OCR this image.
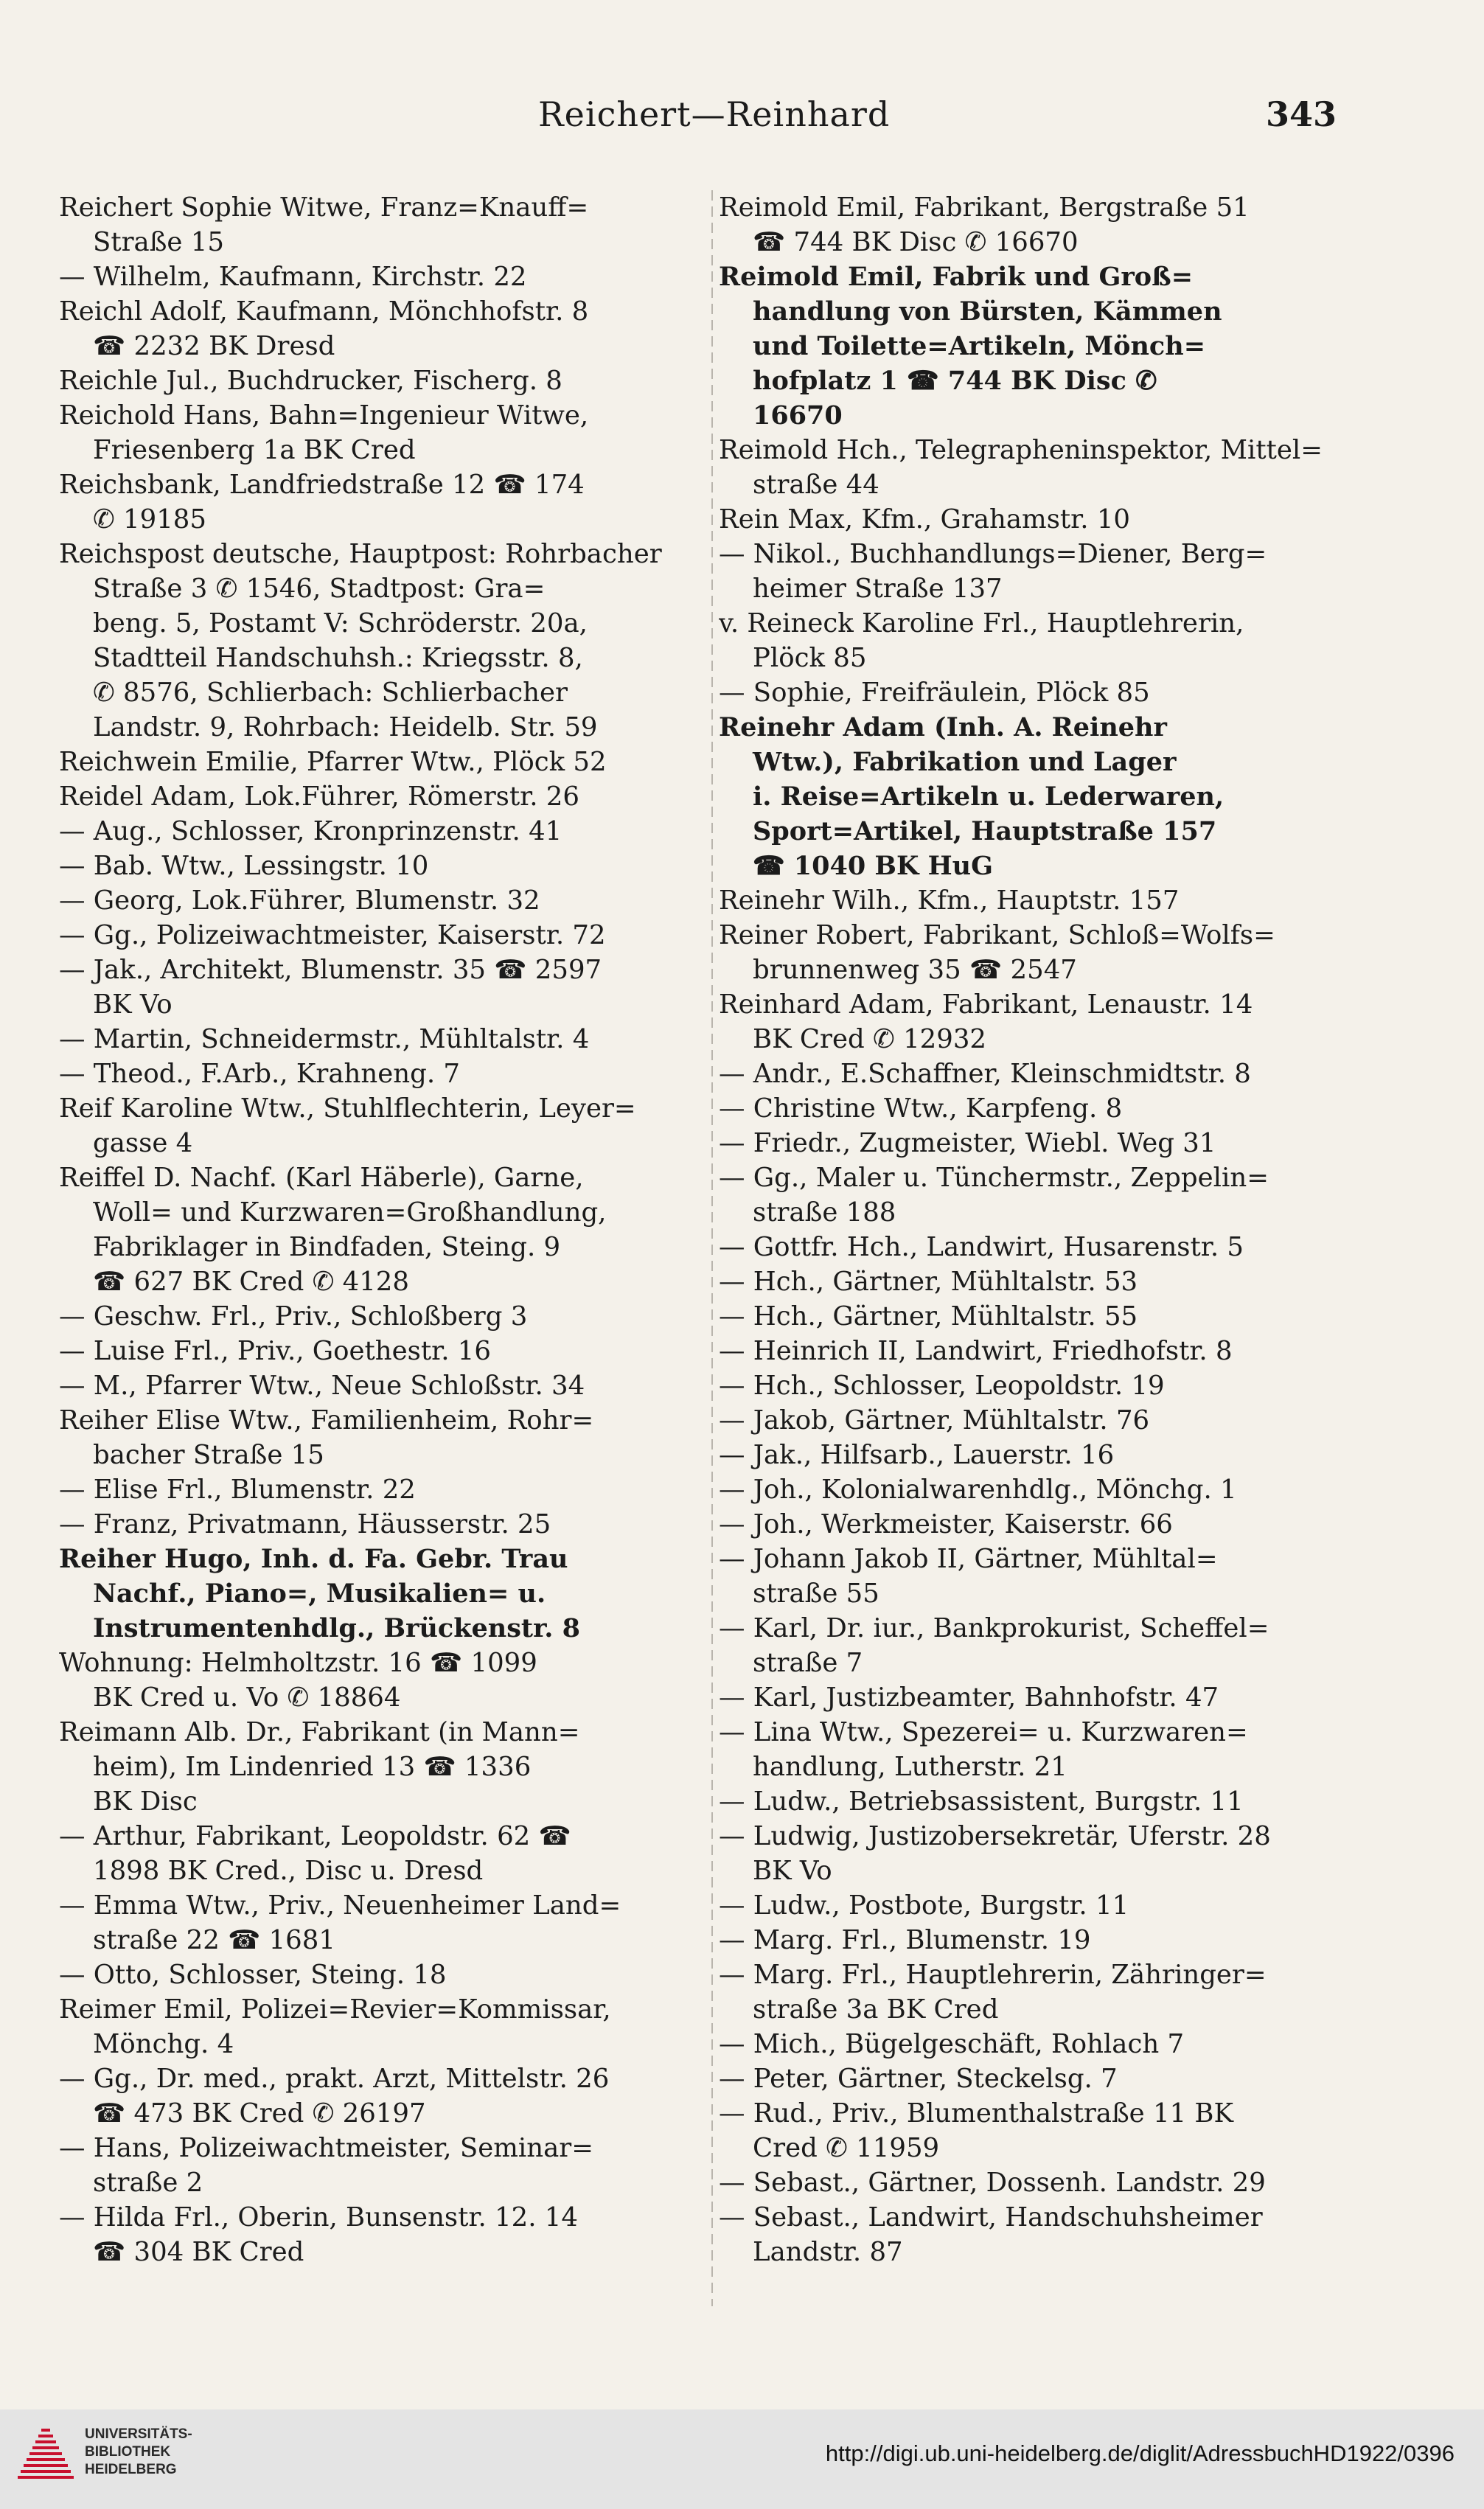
Reichert—Reinhard	343
Reichert Sophie Witwe, Franz=Knauff=
Straße 15
— Wilhelm, Kaufmann, Kirchstr. 22
Reichl Adolf, Kaufmann, Mönchhofstr. 8
☎ 2232 BK Dresd
Reichle Jul., Buchdrucker, Fischerg. 8
Reichold Hans, Bahn=Ingenieur Witwe,
Friesenberg 1a BK Cred
Reichsbank, Landfriedstraße 12 ☎ 174
✆ 19185
Reichspost deutsche, Hauptpost: Rohrbacher
Straße 3 ✆ 1546, Stadtpost: Gra=
beng. 5, Postamt V: Schröderstr. 20a,
Stadtteil Handschuhsh.: Kriegsstr. 8,
✆ 8576, Schlierbach: Schlierbacher
Landstr. 9, Rohrbach: Heidelb. Str. 59
Reichwein Emilie, Pfarrer Wtw., Plöck 52
Reidel Adam, Lok.Führer, Römerstr. 26
— Aug., Schlosser, Kronprinzenstr. 41
— Bab. Wtw., Lessingstr. 10
— Georg, Lok.Führer, Blumenstr. 32
— Gg., Polizeiwachtmeister, Kaiserstr. 72
— Jak., Architekt, Blumenstr. 35 ☎ 2597
BK Vo
— Martin, Schneidermstr., Mühltalstr. 4
— Theod., F.Arb., Krahneng. 7
Reif Karoline Wtw., Stuhlflechterin, Leyer=
gasse 4
Reiffel D. Nachf. (Karl Häberle), Garne,
Woll= und Kurzwaren=Großhandlung,
Fabriklager in Bindfaden, Steing. 9
☎ 627 BK Cred ✆ 4128
— Geschw. Frl., Priv., Schloßberg 3
— Luise Frl., Priv., Goethestr. 16
— M., Pfarrer Wtw., Neue Schloßstr. 34
Reiher Elise Wtw., Familienheim, Rohr=
bacher Straße 15
— Elise Frl., Blumenstr. 22
— Franz, Privatmann, Häusserstr. 25
Reiher Hugo, Inh. d. Fa. Gebr. Trau
Nachf., Piano=, Musikalien= u.
Instrumentenhdlg., Brückenstr. 8
Wohnung: Helmholtzstr. 16 ☎ 1099
BK Cred u. Vo ✆ 18864
Reimann Alb. Dr., Fabrikant (in Mann=
heim), Im Lindenried 13 ☎ 1336
BK Disc
— Arthur, Fabrikant, Leopoldstr. 62 ☎
1898 BK Cred., Disc u. Dresd
— Emma Wtw., Priv., Neuenheimer Land=
straße 22 ☎ 1681
— Otto, Schlosser, Steing. 18
Reimer Emil, Polizei=Revier=Kommissar,
Mönchg. 4
— Gg., Dr. med., prakt. Arzt, Mittelstr. 26
☎ 473 BK Cred ✆ 26197
— Hans, Polizeiwachtmeister, Seminar=
straße 2
— Hilda Frl., Oberin, Bunsenstr. 12. 14
☎ 304 BK Cred
Reimold Emil, Fabrikant, Bergstraße 51
☎ 744 BK Disc ✆ 16670
Reimold Emil, Fabrik und Groß=
handlung von Bürsten, Kämmen
und Toilette=Artikeln, Mönch=
hofplatz 1 ☎ 744 BK Disc ✆
16670
Reimold Hch., Telegrapheninspektor, Mittel=
straße 44
Rein Max, Kfm., Grahamstr. 10
— Nikol., Buchhandlungs=Diener, Berg=
heimer Straße 137
v. Reineck Karoline Frl., Hauptlehrerin,
Plöck 85
— Sophie, Freifräulein, Plöck 85
Reinehr Adam (Inh. A. Reinehr
Wtw.), Fabrikation und Lager
i. Reise=Artikeln u. Lederwaren,
Sport=Artikel, Hauptstraße 157
☎ 1040 BK HuG
Reinehr Wilh., Kfm., Hauptstr. 157
Reiner Robert, Fabrikant, Schloß=Wolfs=
brunnenweg 35 ☎ 2547
Reinhard Adam, Fabrikant, Lenaustr. 14
BK Cred ✆ 12932
— Andr., E.Schaffner, Kleinschmidtstr. 8
— Christine Wtw., Karpfeng. 8
— Friedr., Zugmeister, Wiebl. Weg 31
— Gg., Maler u. Tünchermstr., Zeppelin=
straße 188
— Gottfr. Hch., Landwirt, Husarenstr. 5
— Hch., Gärtner, Mühltalstr. 53
— Hch., Gärtner, Mühltalstr. 55
— Heinrich II, Landwirt, Friedhofstr. 8
— Hch., Schlosser, Leopoldstr. 19
— Jakob, Gärtner, Mühltalstr. 76
— Jak., Hilfsarb., Lauerstr. 16
— Joh., Kolonialwarenhdlg., Mönchg. 1
— Joh., Werkmeister, Kaiserstr. 66
— Johann Jakob II, Gärtner, Mühltal=
straße 55
— Karl, Dr. iur., Bankprokurist, Scheffel=
straße 7
— Karl, Justizbeamter, Bahnhofstr. 47
— Lina Wtw., Spezerei= u. Kurzwaren=
handlung, Lutherstr. 21
— Ludw., Betriebsassistent, Burgstr. 11
— Ludwig, Justizobersekretär, Uferstr. 28
BK Vo
— Ludw., Postbote, Burgstr. 11
— Marg. Frl., Blumenstr. 19
— Marg. Frl., Hauptlehrerin, Zähringer=
straße 3a BK Cred
— Mich., Bügelgeschäft, Rohlach 7
— Peter, Gärtner, Steckelsg. 7
— Rud., Priv., Blumenthalstraße 11 BK
Cred ✆ 11959
— Sebast., Gärtner, Dossenh. Landstr. 29
— Sebast., Landwirt, Handschuhsheimer
Landstr. 87
UNIVERSITÄTS-
BIBLIOTHEK
HEIDELBERG
http://digi.ub.uni-heidelberg.de/diglit/AdressbuchHD1922/0396
